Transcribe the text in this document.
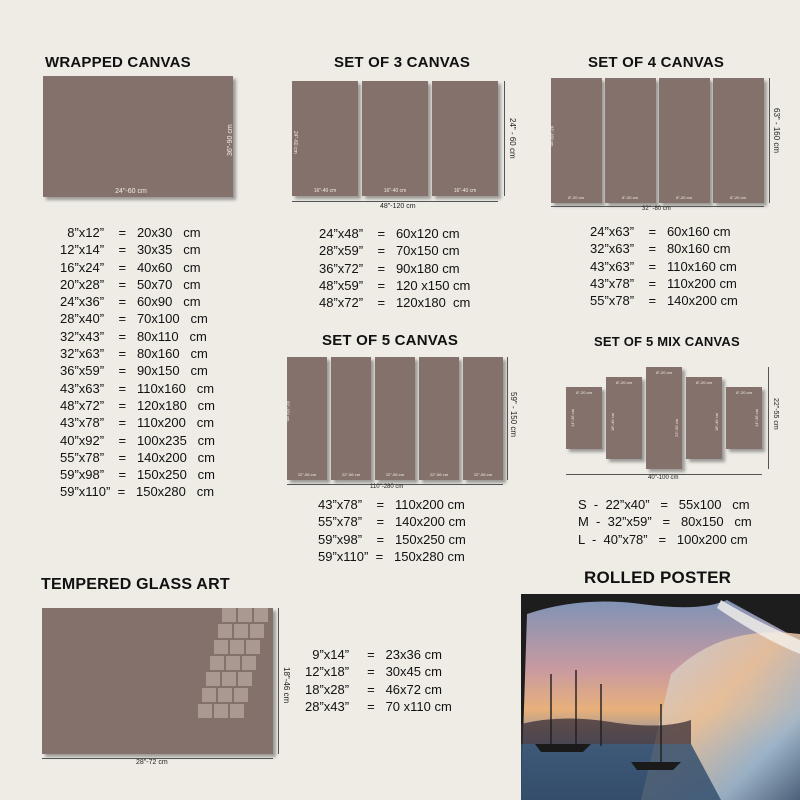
WRAPPED CANVAS
24"-60 cm
36"-90 cm
8”x12”    =   20x30   cm
12”x14”    =   30x35   cm
16”x24”    =   40x60   cm
20”x28”    =   50x70   cm
24”x36”    =   60x90   cm
28”x40”    =   70x100   cm
32”x43”    =   80x110   cm
32”x63”    =   80x160   cm
36”x59”    =   90x150   cm
43”x63”    =   110x160   cm
48”x72”    =   120x180   cm
43”x78”    =   110x200   cm
40”x92”    =   100x235   cm
55”x78”    =   140x200   cm
59”x98”    =   150x250   cm
59”x110”  =   150x280   cm
SET OF 3 CANVAS
24"-60 cm
16"-40 cm	16"-40 cm	16"-40 cm
48"-120 cm
24" - 60 cm
24”x48”    =   60x120 cm
28”x59”    =   70x150 cm
36”x72”    =   90x180 cm
48”x59”    =   120 x150 cm
48”x72”    =   120x180  cm
SET OF 4 CANVAS
63"-160 cm
8"-20 cm	8"-20 cm	8"-20 cm	8"-20 cm
32" -80 cm
63" - 160 cm
24”x63”    =   60x160 cm
32”x63”    =   80x160 cm
43”x63”    =   110x160 cm
43”x78”    =   110x200 cm
55”x78”    =   140x200 cm
SET OF 5 CANVAS
59"-150 cm
22"-56 cm	22"-56 cm	22"-56 cm	22"-56 cm	22"-56 cm
110"-280 cm
59" - 150 cm
43”x78”    =   110x200 cm
55”x78”    =   140x200 cm
59”x98”    =   150x250 cm
59”x110”  =   150x280 cm
SET OF 5 MIX CANVAS
8"-20 cm
14"-35 cm
8"-20 cm
18"-45 cm
8"-20 cm
22"-55 cm
8"-20 cm
18"-45 cm
8"-20 cm
14"-35 cm
40"-100 cm
22"-55 cm
S  -  22”x40”   =   55x100   cm
M  -  32”x59”   =   80x150   cm
L  -  40”x78”   =   100x200 cm
TEMPERED GLASS ART
28"-72 cm
18"-46 cm
9”x14”     =   23x36 cm
12”x18”     =   30x45 cm
18”x28”     =   46x72 cm
28”x43”     =   70 x110 cm
ROLLED POSTER
